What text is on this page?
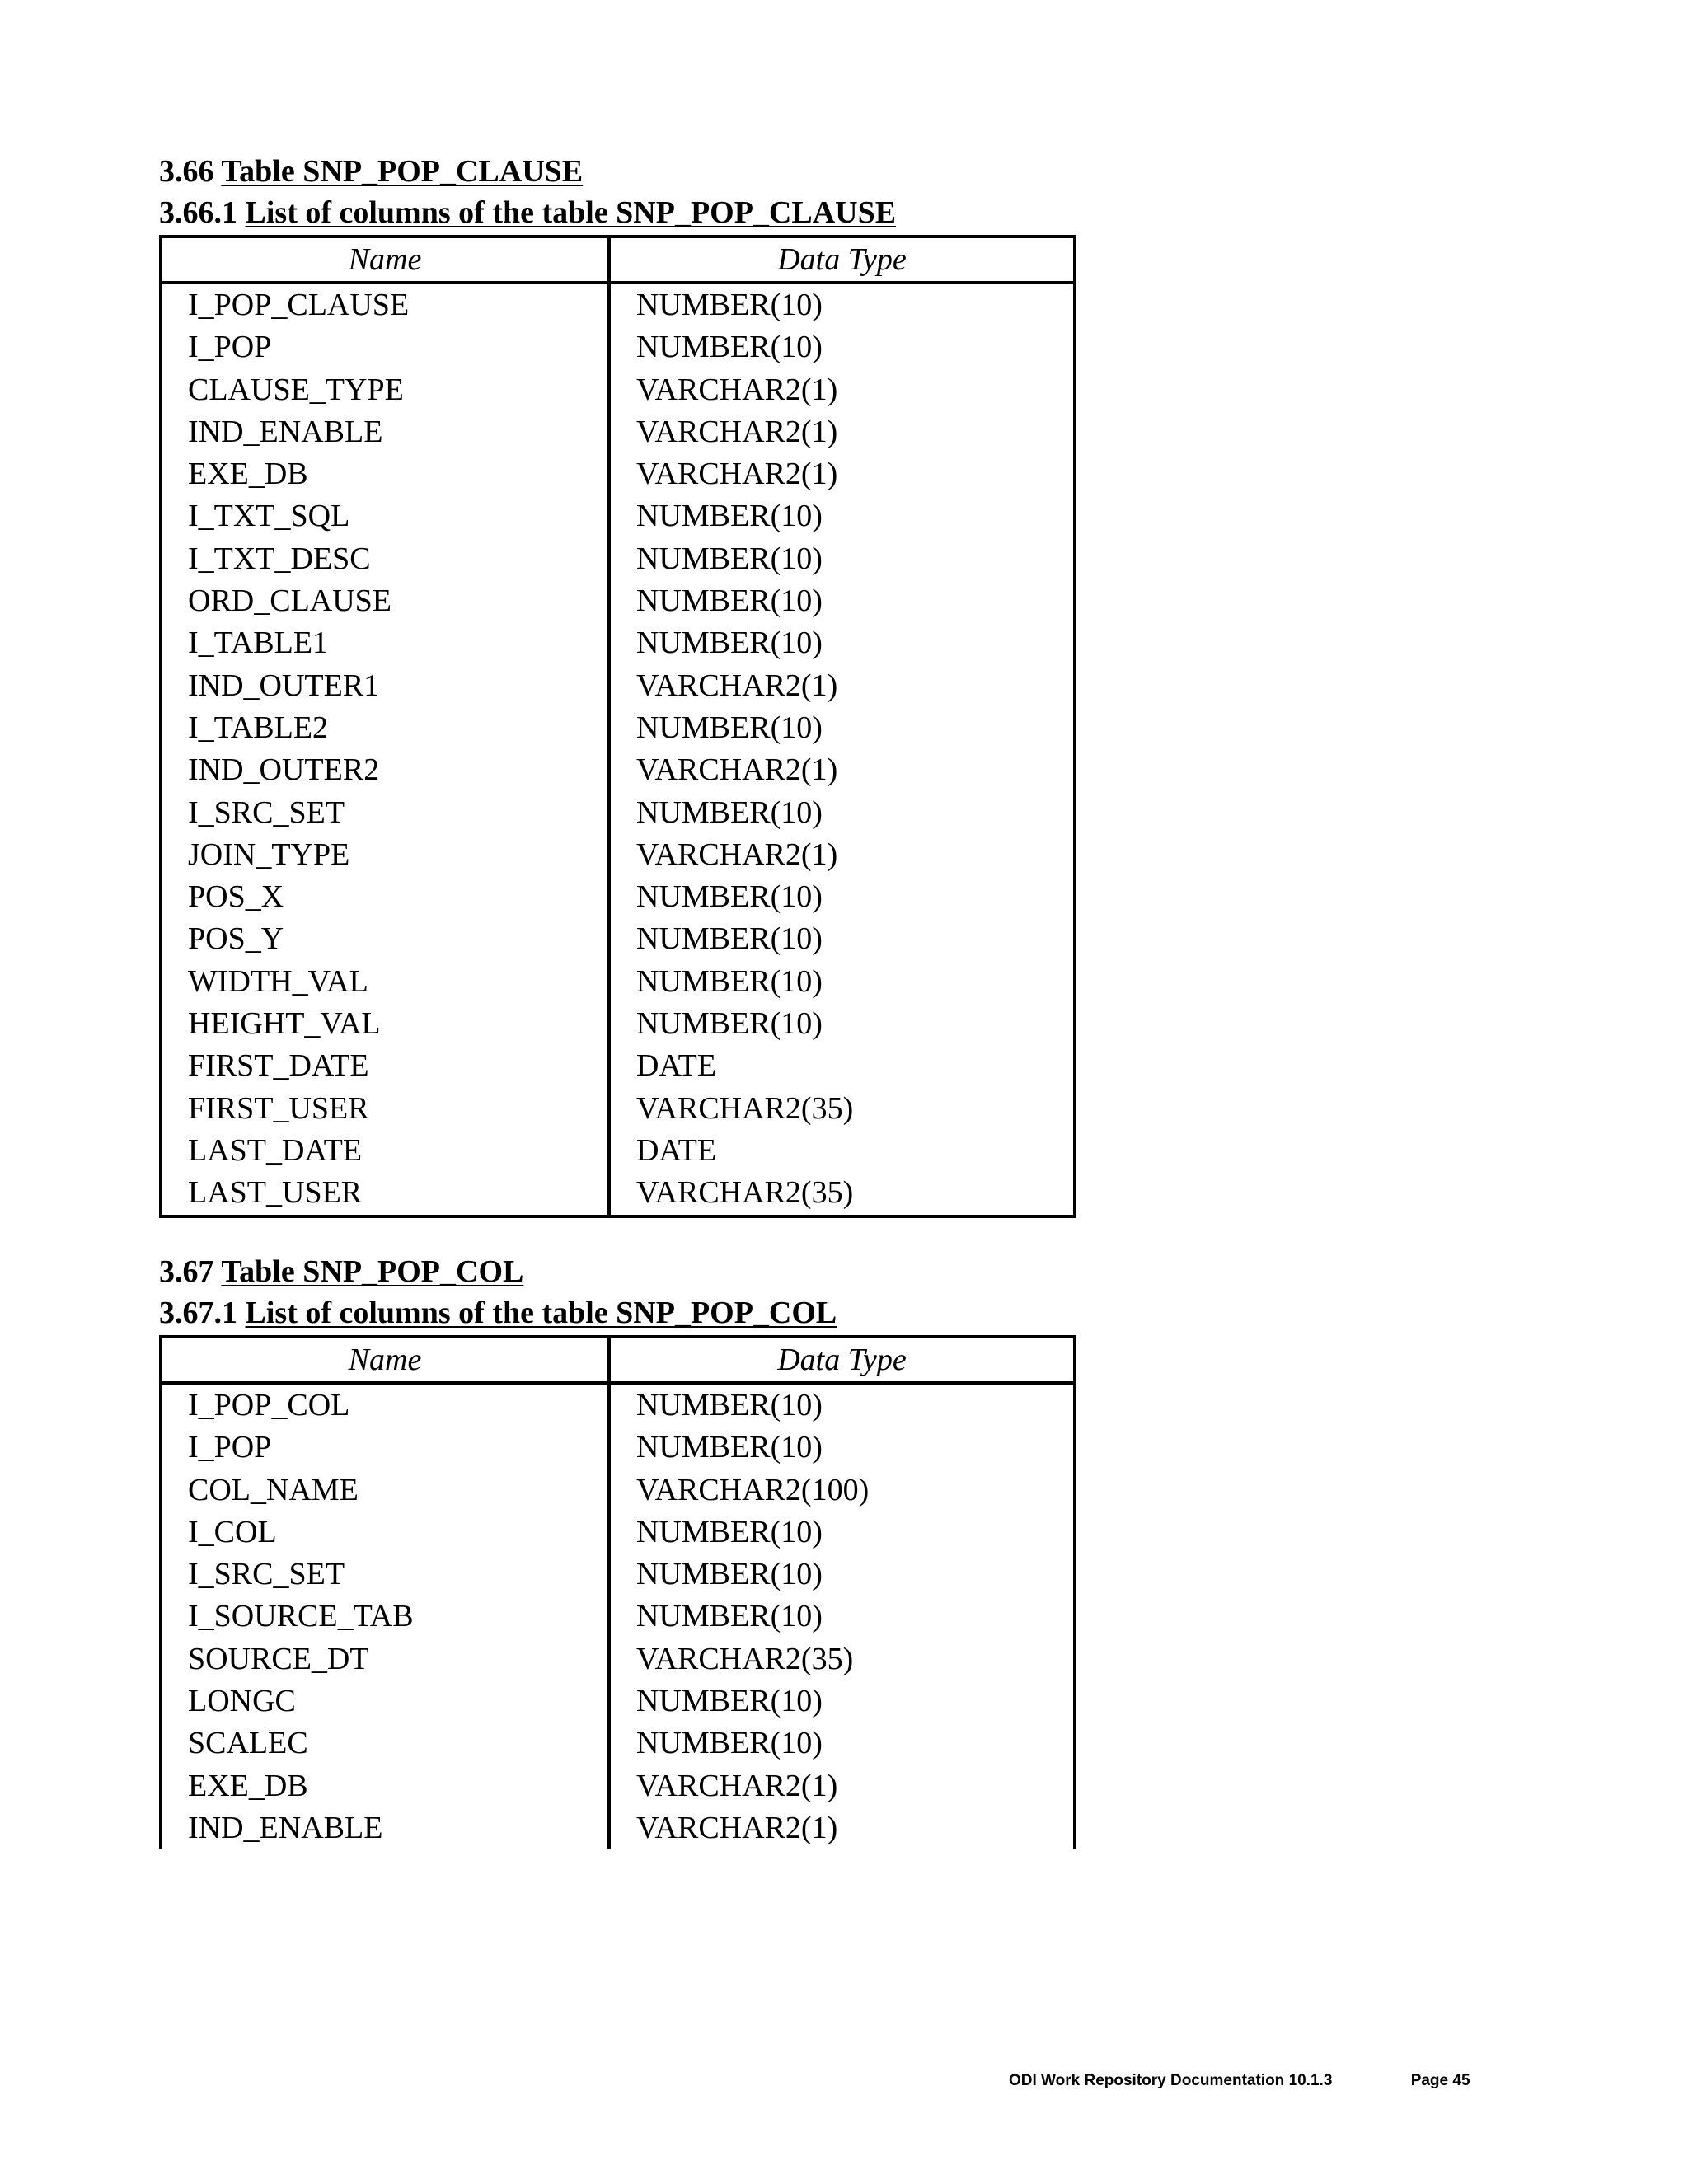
3.66 Table SNP_POP_CLAUSE
3.66.1 List of columns of the table SNP_POP_CLAUSE
Name	Data Type
I_POP_CLAUSE	NUMBER(10)
I_POP	NUMBER(10)
CLAUSE_TYPE	VARCHAR2(1)
IND_ENABLE	VARCHAR2(1)
EXE_DB	VARCHAR2(1)
I_TXT_SQL	NUMBER(10)
I_TXT_DESC	NUMBER(10)
ORD_CLAUSE	NUMBER(10)
I_TABLE1	NUMBER(10)
IND_OUTER1	VARCHAR2(1)
I_TABLE2	NUMBER(10)
IND_OUTER2	VARCHAR2(1)
I_SRC_SET	NUMBER(10)
JOIN_TYPE	VARCHAR2(1)
POS_X	NUMBER(10)
POS_Y	NUMBER(10)
WIDTH_VAL	NUMBER(10)
HEIGHT_VAL	NUMBER(10)
FIRST_DATE	DATE
FIRST_USER	VARCHAR2(35)
LAST_DATE	DATE
LAST_USER	VARCHAR2(35)
3.67 Table SNP_POP_COL
3.67.1 List of columns of the table SNP_POP_COL
Name	Data Type
I_POP_COL	NUMBER(10)
I_POP	NUMBER(10)
COL_NAME	VARCHAR2(100)
I_COL	NUMBER(10)
I_SRC_SET	NUMBER(10)
I_SOURCE_TAB	NUMBER(10)
SOURCE_DT	VARCHAR2(35)
LONGC	NUMBER(10)
SCALEC	NUMBER(10)
EXE_DB	VARCHAR2(1)
IND_ENABLE	VARCHAR2(1)
ODI Work Repository Documentation 10.1.3	Page 45
